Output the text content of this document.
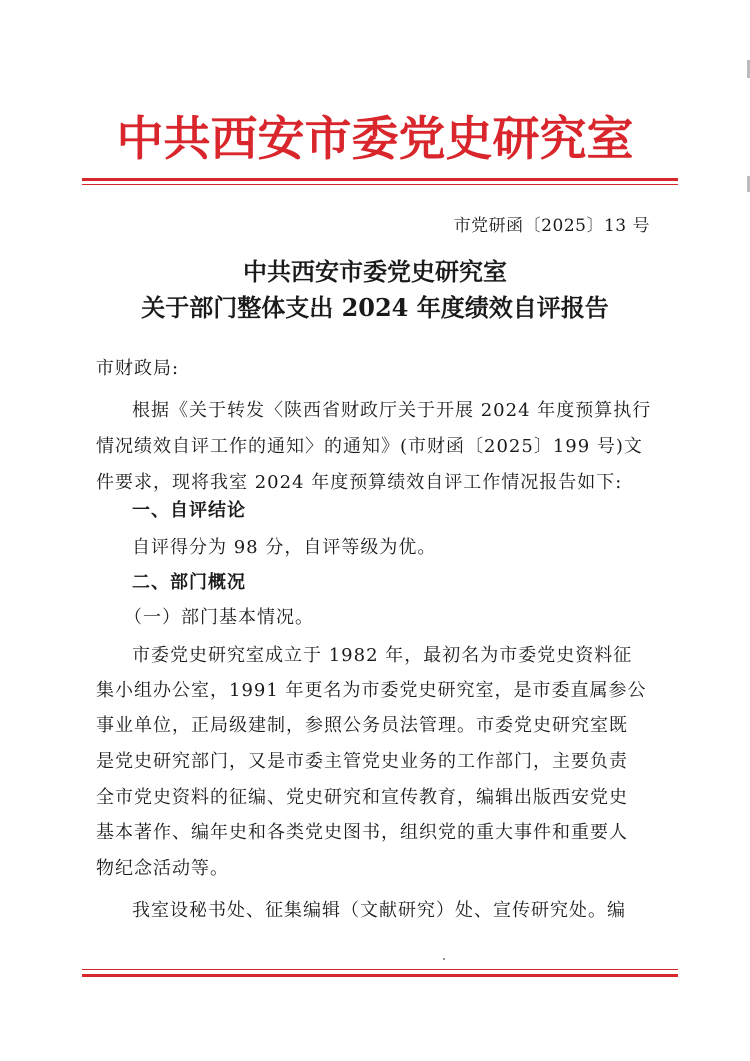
中共西安市委党史研究室
市党研函〔2025〕13 号
中共西安市委党史研究室
关于部门整体支出 2024 年度绩效自评报告
市财政局:
根据《关于转发〈陕西省财政厅关于开展 2024 年度预算执行
情况绩效自评工作的通知〉的通知》(市财函〔2025〕199 号)文
件要求，现将我室 2024 年度预算绩效自评工作情况报告如下:
一、自评结论
自评得分为 98 分，自评等级为优。
二、部门概况
（一）部门基本情况。
市委党史研究室成立于 1982 年，最初名为市委党史资料征
集小组办公室，1991 年更名为市委党史研究室，是市委直属参公
事业单位，正局级建制，参照公务员法管理。市委党史研究室既
是党史研究部门，又是市委主管党史业务的工作部门，主要负责
全市党史资料的征编、党史研究和宣传教育，编辑出版西安党史
基本著作、编年史和各类党史图书，组织党的重大事件和重要人
物纪念活动等。
我室设秘书处、征集编辑（文献研究）处、宣传研究处。编
